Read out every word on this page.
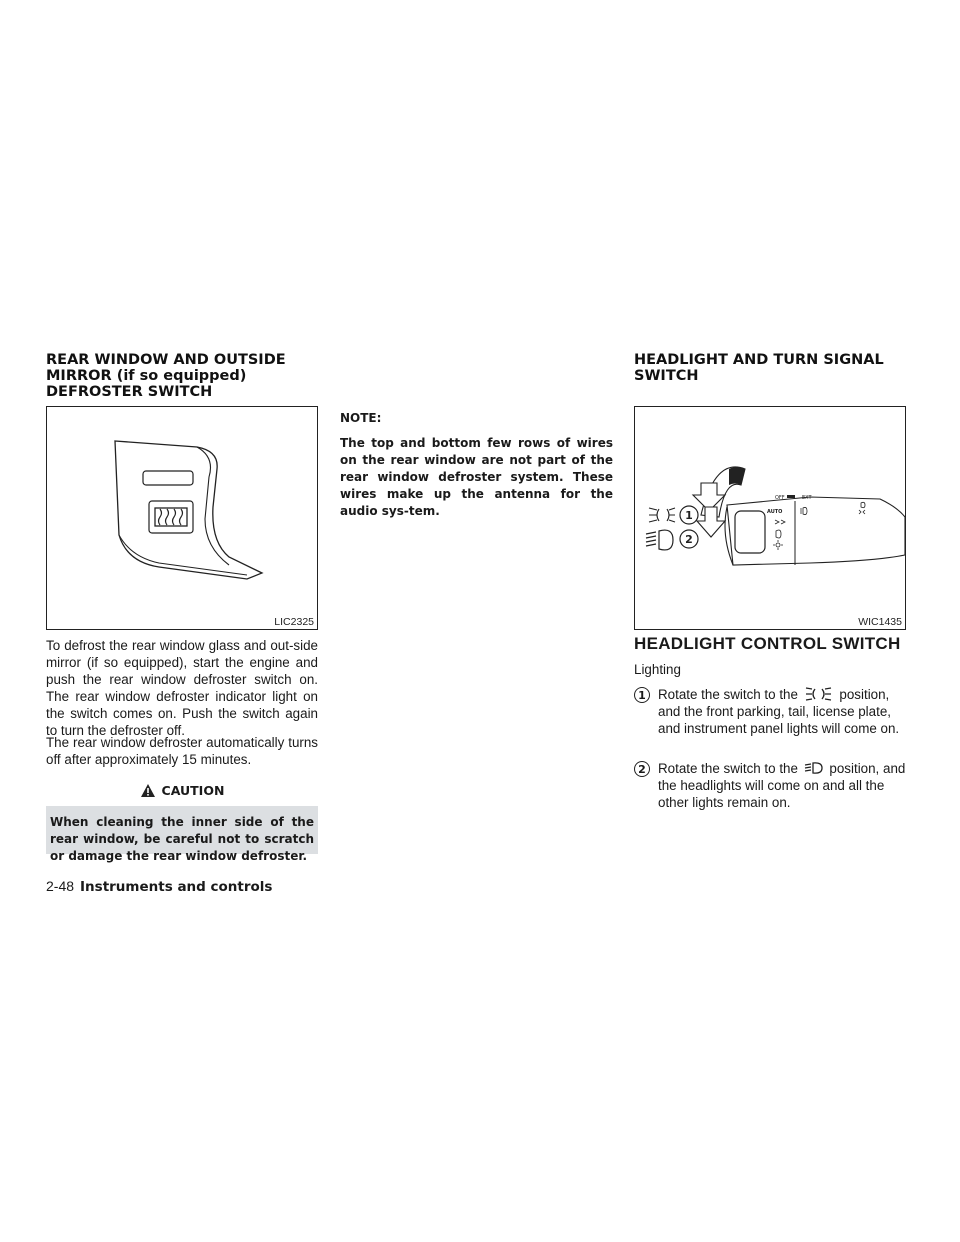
REAR WINDOW AND OUTSIDE
MIRROR (if so equipped)
DEFROSTER SWITCH
LIC2325

To defrost the rear window glass and out-side mirror (if so equipped), start the engine and push the rear window defroster switch on. The rear window defroster indicator light on the switch comes on. Push the switch again to turn the defroster off.

The rear window defroster automatically turns off after approximately 15 minutes.

CAUTION
When cleaning the inner side of the rear window, be careful not to scratch or damage the rear window defroster.
NOTE:

The top and bottom few rows of wires on the rear window are not part of the rear window defroster system. These wires make up the antenna for the audio sys-tem.

HEADLIGHT AND TURN SIGNAL
SWITCH
1
2
OFF	EXT
AUTO
WIC1435
HEADLIGHT CONTROL SWITCH
Lighting
1 Rotate the switch to the	position, and the front parking, tail, license plate, and instrument panel lights will come on.
2 Rotate the switch to the position, and the headlights will come on and all the other lights remain on.
2-48 Instruments and controls
